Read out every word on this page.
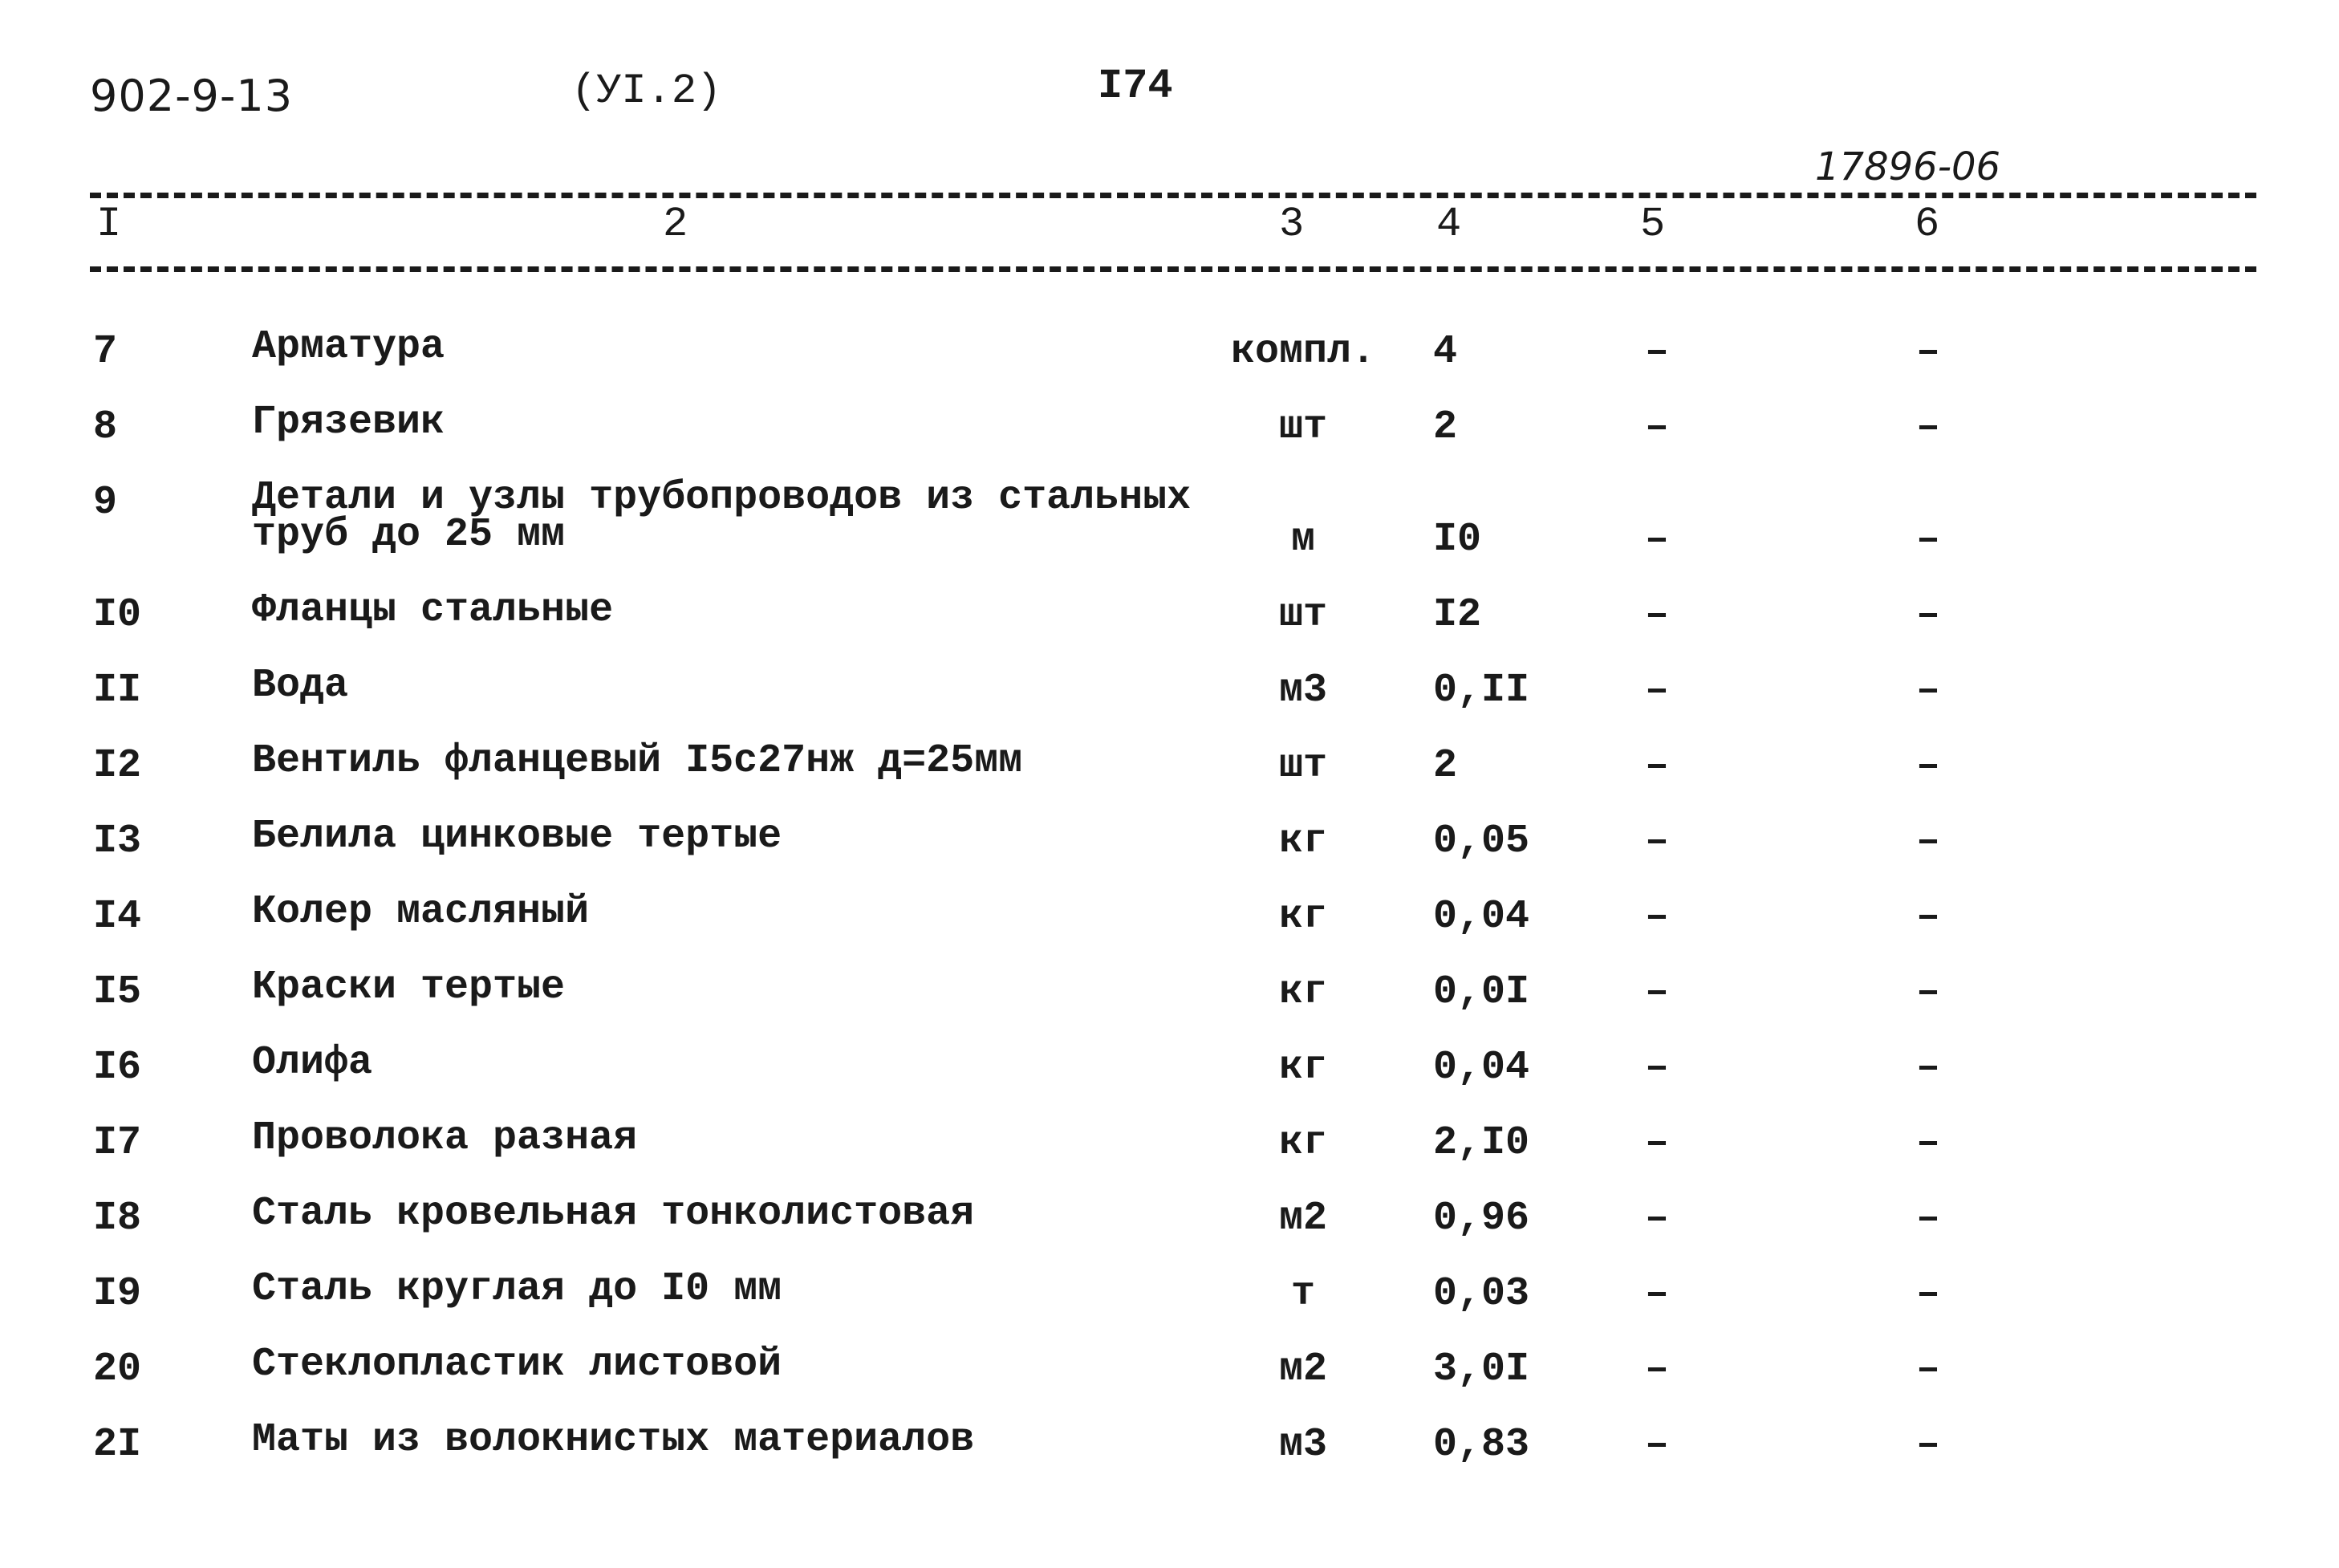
902-9-13	(УI.2)	I74
17896-06
I	2	3	4	5	6
7	Арматура	компл. 4	–	–
8	Грязевик	шт	2	–	–
9	Детали и узлы трубопроводов из стальных
труб до 25 мм	м	I0	–	–
I0	Фланцы стальные	шт	I2	–	–
II	Вода	м3	0,II	–	–
I2	Вентиль фланцевый I5с27нж д=25мм	шт	2	–	–
I3	Белила цинковые тертые	кг	0,05	–	–
I4	Колер масляный	кг	0,04	–	–
I5	Краски тертые	кг	0,0I	–	–
I6	Олифа	кг	0,04	–	–
I7	Проволока разная	кг	2,I0	–	–
I8	Сталь кровельная тонколистовая	м2	0,96	–	–
I9	Сталь круглая до I0 мм	т	0,03	–	–
20	Стеклопластик листовой	м2	3,0I	–	–
2I	Маты из волокнистых материалов	м3	0,83	–	–
